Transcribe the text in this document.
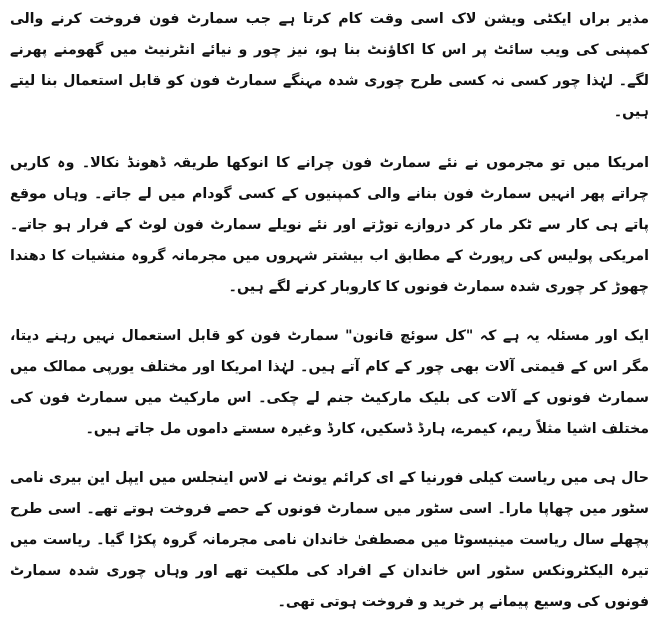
مذیر براں ایکٹی ویشن لاک اسی وقت کام کرتا ہے جب سمارٹ فون فروخت کرنے والی کمپنی کی ویب سائٹ پر اس کا اکاؤنٹ بنا ہو، نیز چور و نیائے انٹرنیٹ میں گھومنے پھرنے لگے۔ لہٰذا چور کسی نہ کسی طرح چوری شدہ مہنگے سمارٹ فون کو قابل استعمال بنا لیتے ہیں۔

امریکا میں تو مجرموں نے نئے سمارٹ فون چرانے کا انوکھا طریقہ ڈھونڈ نکالا۔ وہ کاریں چراتے پھر انہیں سمارٹ فون بنانے والی کمپنیوں کے کسی گودام میں لے جاتے۔ وہاں موقع پاتے ہی کار سے ٹکر مار کر دروازے توڑتے اور نئے نویلے سمارٹ فون لوٹ کے فرار ہو جاتے۔ امریکی پولیس کی رپورٹ کے مطابق اب بیشتر شہروں میں مجرمانہ گروہ منشیات کا دھندا چھوڑ کر چوری شدہ سمارٹ فونوں کا کاروبار کرنے لگے ہیں۔

ایک اور مسئلہ یہ ہے کہ "کل سوئچ قانون" سمارٹ فون کو قابل استعمال نہیں رہنے دیتا، مگر اس کے قیمتی آلات بھی چور کے کام آتے ہیں۔ لہٰذا امریکا اور مختلف یورپی ممالک میں سمارٹ فونوں کے آلات کی بلیک مارکیٹ جنم لے چکی۔ اس مارکیٹ میں سمارٹ فون کی مختلف اشیا مثلاً ریم، کیمرے، ہارڈ ڈسکیں، کارڈ وغیرہ سستے داموں مل جاتے ہیں۔

حال ہی میں ریاست کیلی فورنیا کے ای کرائم یونٹ نے لاس اینجلس میں ایپل این بیری نامی سٹور میں چھاپا مارا۔ اسی سٹور میں سمارٹ فونوں کے حصے فروخت ہوتے تھے۔ اسی طرح پچھلے سال ریاست مینیسوٹا میں مصطفیٰ خاندان نامی مجرمانہ گروہ پکڑا گیا۔ ریاست میں تیرہ الیکٹرونکس سٹور اس خاندان کے افراد کی ملکیت تھے اور وہاں چوری شدہ سمارٹ فونوں کی وسیع پیمانے پر خرید و فروخت ہوتی تھی۔
